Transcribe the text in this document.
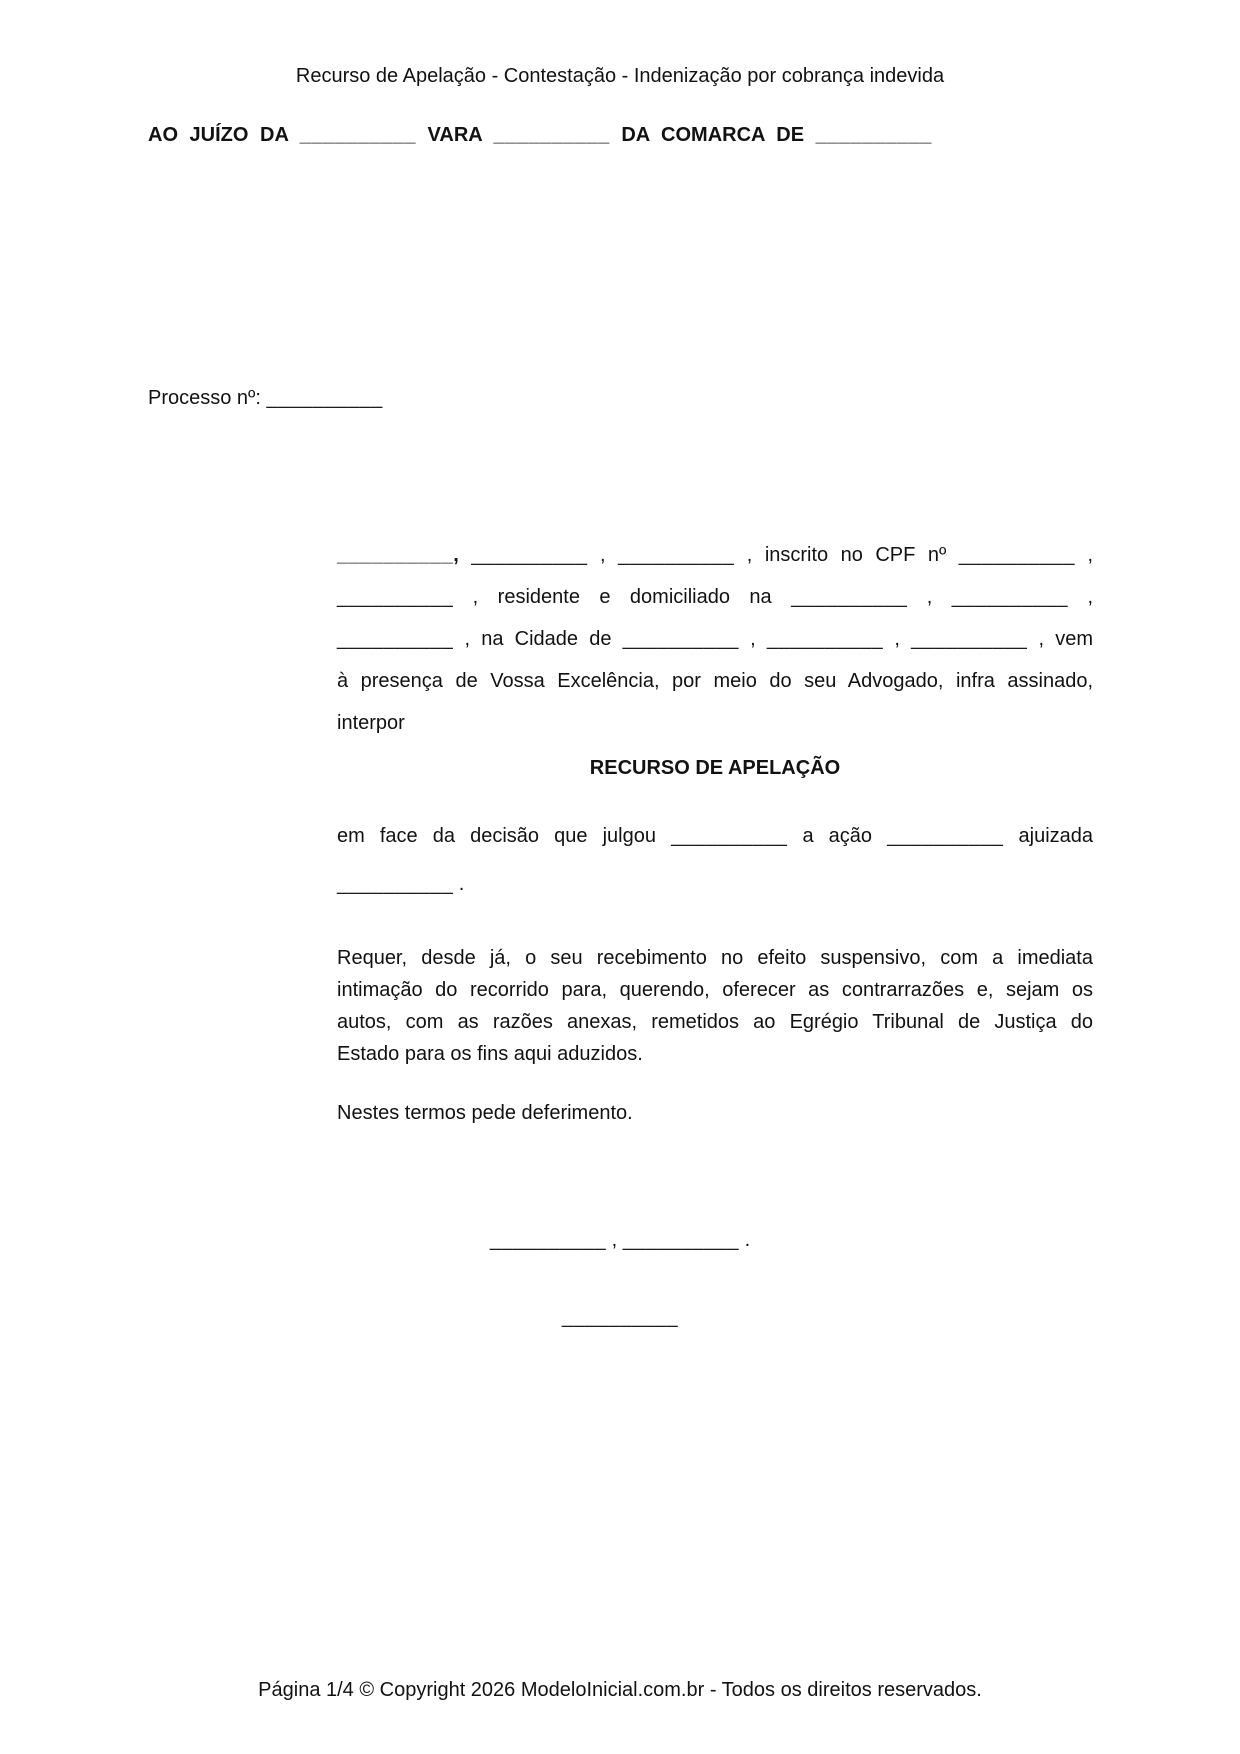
Recurso de Apelação - Contestação - Indenização por cobrança indevida
AO JUÍZO DA __________ VARA __________ DA COMARCA DE __________
Processo nº: __________
__________, __________ , __________ , inscrito no CPF nº __________ ,
__________ , residente e domiciliado na __________ , __________ ,
__________ , na Cidade de __________ , __________ , __________ , vem
à presença de Vossa Excelência, por meio do seu Advogado, infra assinado,
interpor
RECURSO DE APELAÇÃO
em face da decisão que julgou __________ a ação __________ ajuizada
__________ .
Requer, desde já, o seu recebimento no efeito suspensivo, com a imediata
intimação do recorrido para, querendo, oferecer as contrarrazões e, sejam os
autos, com as razões anexas, remetidos ao Egrégio Tribunal de Justiça do
Estado para os fins aqui aduzidos.
Nestes termos pede deferimento.
__________ , __________ .
__________
Página 1/4 © Copyright 2026 ModeloInicial.com.br - Todos os direitos reservados.
